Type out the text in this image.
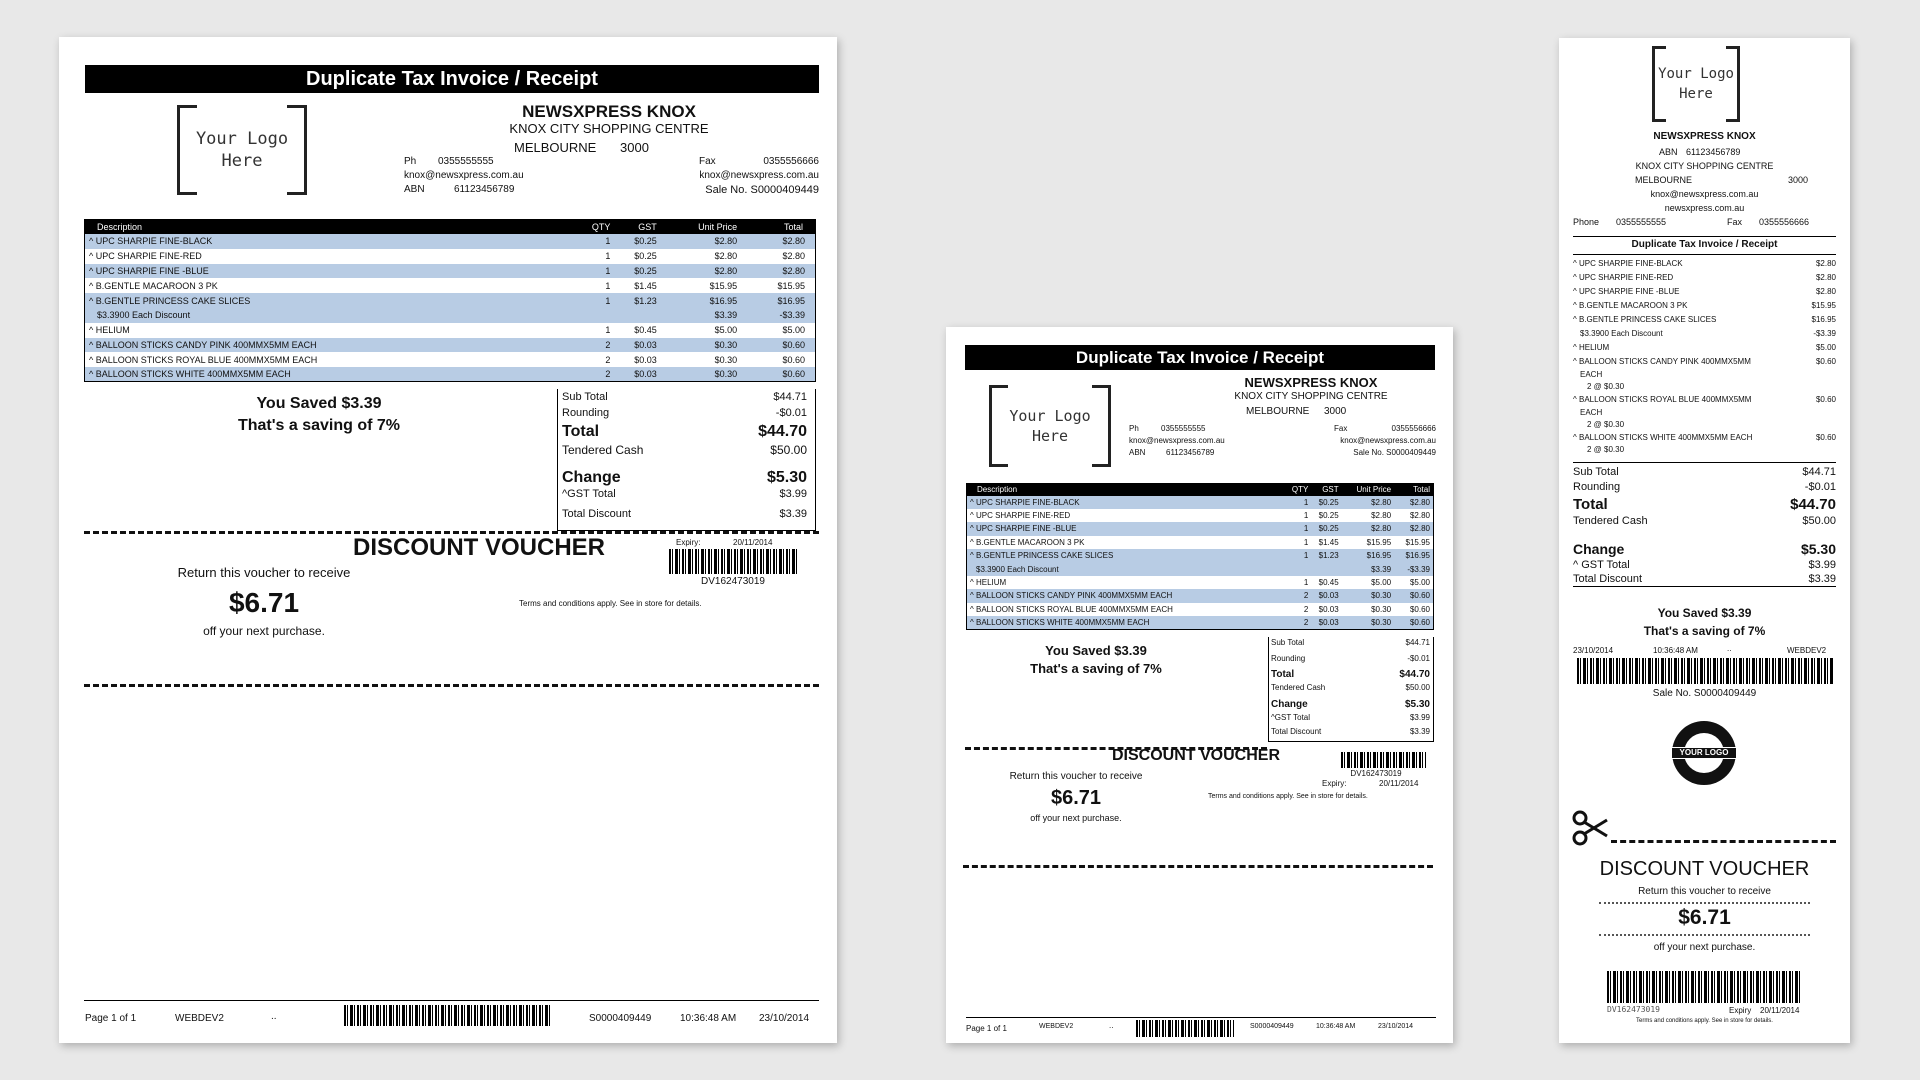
Duplicate Tax Invoice / Receipt
Your Logo
Here
NEWSXPRESS KNOX
KNOX CITY SHOPPING CENTRE
MELBOURNE 3000
Ph 0355555555
knox@newsxpress.com.au
ABN	61123456789
Fax	0355556666
knox@newsxpress.com.au
Sale No. S0000409449
Description	QTY	GST	Unit Price	Total
^ UPC SHARPIE FINE-BLACK	1	$0.25	$2.80	$2.80
^ UPC SHARPIE FINE-RED	1	$0.25	$2.80	$2.80
^ UPC SHARPIE FINE -BLUE	1	$0.25	$2.80	$2.80
^ B.GENTLE MACAROON 3 PK	1	$1.45	$15.95	$15.95
^ B.GENTLE PRINCESS CAKE SLICES	1	$1.23	$16.95	$16.95
$3.3900 Each Discount			$3.39	-$3.39
^ HELIUM	1	$0.45	$5.00	$5.00
^ BALLOON STICKS CANDY PINK 400MMX5MM EACH	2	$0.03	$0.30	$0.60
^ BALLOON STICKS ROYAL BLUE 400MMX5MM EACH	2	$0.03	$0.30	$0.60
^ BALLOON STICKS WHITE 400MMX5MM EACH	2	$0.03	$0.30	$0.60
You Saved $3.39
That's a saving of 7%
Sub Total	$44.71
Rounding	-$0.01
Total	$44.70
Tendered Cash	$50.00
Change	$5.30
^GST Total	$3.99
Total Discount	$3.39
DISCOUNT VOUCHER
Return this voucher to receive
$6.71
off your next purchase.
Expiry:	20/11/2014
DV162473019
Terms and conditions apply. See in store for details.
Page 1 of 1	WEBDEV2	..	S0000409449	10:36:48 AM 23/10/2014
Duplicate Tax Invoice / Receipt
Your Logo
Here
NEWSXPRESS KNOX
KNOX CITY SHOPPING CENTRE
MELBOURNE 3000
Ph	0355555555
knox@newsxpress.com.au
ABN	61123456789
Fax	0355556666
knox@newsxpress.com.au
Sale No. S0000409449
Description	QTY	GST	Unit Price	Total
^ UPC SHARPIE FINE-BLACK	1	$0.25	$2.80	$2.80
^ UPC SHARPIE FINE-RED	1	$0.25	$2.80	$2.80
^ UPC SHARPIE FINE -BLUE	1	$0.25	$2.80	$2.80
^ B.GENTLE MACAROON 3 PK	1	$1.45	$15.95	$15.95
^ B.GENTLE PRINCESS CAKE SLICES	1	$1.23	$16.95	$16.95
$3.3900 Each Discount			$3.39	-$3.39
^ HELIUM	1	$0.45	$5.00	$5.00
^ BALLOON STICKS CANDY PINK 400MMX5MM EACH	2	$0.03	$0.30	$0.60
^ BALLOON STICKS ROYAL BLUE 400MMX5MM EACH	2	$0.03	$0.30	$0.60
^ BALLOON STICKS WHITE 400MMX5MM EACH	2	$0.03	$0.30	$0.60
You Saved $3.39
That's a saving of 7%
Sub Total	$44.71
Rounding	-$0.01
Total	$44.70
Tendered Cash	$50.00
Change	$5.30
^GST Total	$3.99
Total Discount	$3.39
DISCOUNT VOUCHER
Return this voucher to receive
$6.71
off your next purchase.
DV162473019
Expiry:	20/11/2014
Terms and conditions apply. See in store for details.
Page 1 of 1	WEBDEV2	..	S0000409449	10:36:48 AM	23/10/2014
Your Logo
Here
NEWSXPRESS KNOX
ABN 61123456789
KNOX CITY SHOPPING CENTRE
MELBOURNE	3000
knox@newsxpress.com.au
newsxpress.com.au
Phone 0355555555	Fax 0355556666
Duplicate Tax Invoice / Receipt
^ UPC SHARPIE FINE-BLACK	$2.80
^ UPC SHARPIE FINE-RED	$2.80
^ UPC SHARPIE FINE -BLUE	$2.80
^ B.GENTLE MACAROON 3 PK	$15.95
^ B.GENTLE PRINCESS CAKE SLICES	$16.95
$3.3900 Each Discount	-$3.39
^ HELIUM	$5.00
^ BALLOON STICKS CANDY PINK 400MMX5MM	$0.60
EACH
2 @ $0.30
^ BALLOON STICKS ROYAL BLUE 400MMX5MM	$0.60
EACH
2 @ $0.30
^ BALLOON STICKS WHITE 400MMX5MM EACH	$0.60
2 @ $0.30
Sub Total	$44.71
Rounding	-$0.01
Total	$44.70
Tendered Cash	$50.00
Change	$5.30
^ GST Total	$3.99
Total Discount	$3.39
You Saved $3.39
That's a saving of 7%
23/10/2014	10:36:48 AM	..	WEBDEV2
Sale No. S0000409449
YOUR LOGO
DISCOUNT VOUCHER
Return this voucher to receive
$6.71
off your next purchase.
DV162473019	Expiry 20/11/2014
Terms and conditions apply. See in store for details.
